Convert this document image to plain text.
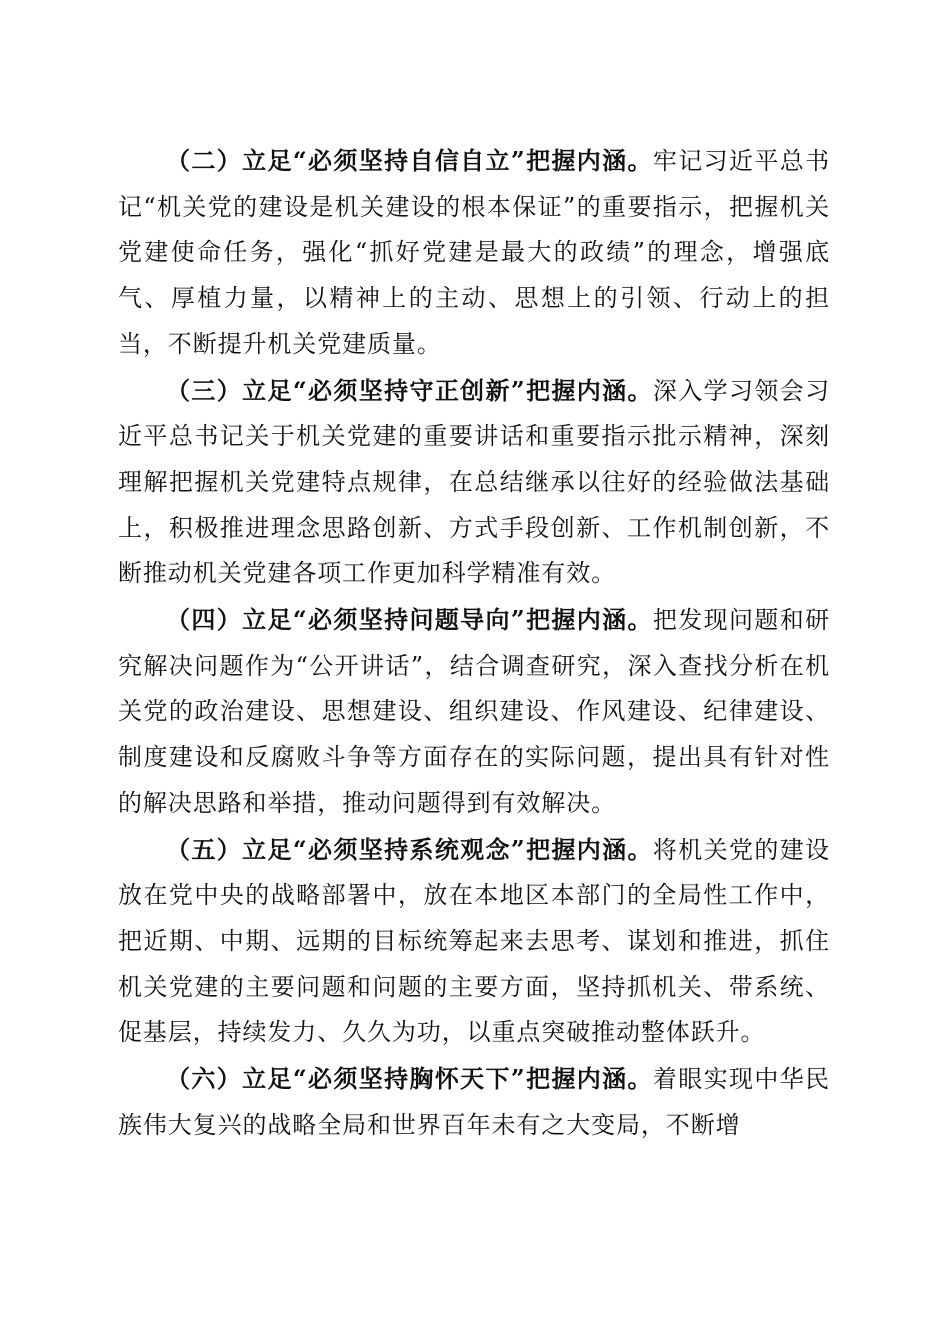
（二）立足“必须坚持自信自立”把握内涵。牢记习近平总书记“机关党的建设是机关建设的根本保证”的重要指示，把握机关党建使命任务，强化“抓好党建是最大的政绩”的理念，增强底气、厚植力量，以精神上的主动、思想上的引领、行动上的担当，不断提升机关党建质量。

（三）立足“必须坚持守正创新”把握内涵。深入学习领会习近平总书记关于机关党建的重要讲话和重要指示批示精神，深刻理解把握机关党建特点规律，在总结继承以往好的经验做法基础上，积极推进理念思路创新、方式手段创新、工作机制创新，不断推动机关党建各项工作更加科学精准有效。

（四）立足“必须坚持问题导向”把握内涵。把发现问题和研究解决问题作为“公开讲话”，结合调查研究，深入查找分析在机关党的政治建设、思想建设、组织建设、作风建设、纪律建设、制度建设和反腐败斗争等方面存在的实际问题，提出具有针对性的解决思路和举措，推动问题得到有效解决。

（五）立足“必须坚持系统观念”把握内涵。将机关党的建设放在党中央的战略部署中，放在本地区本部门的全局性工作中，把近期、中期、远期的目标统筹起来去思考、谋划和推进，抓住机关党建的主要问题和问题的主要方面，坚持抓机关、带系统、促基层，持续发力、久久为功，以重点突破推动整体跃升。

（六）立足“必须坚持胸怀天下”把握内涵。着眼实现中华民族伟大复兴的战略全局和世界百年未有之大变局，不断增
